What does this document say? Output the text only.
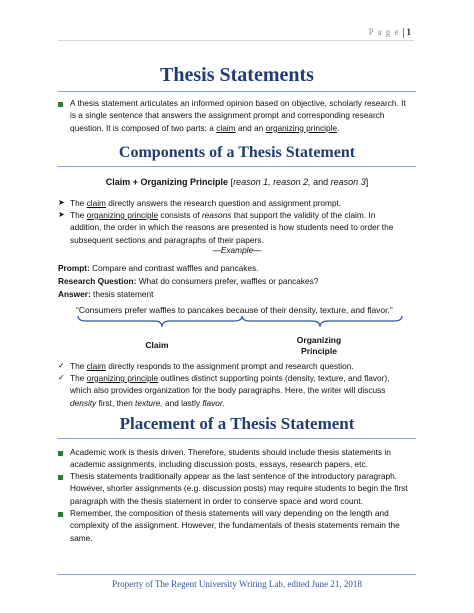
P a g e 1
Thesis Statements
A thesis statement articulates an informed opinion based on objective, scholarly research. It
is a single sentence that answers the assignment prompt and corresponding research
question. It is composed of two parts: a claim and an organizing principle.
Components of a Thesis Statement
Claim + Organizing Principle [reason 1, reason 2, and reason 3]
➤ The claim directly answers the research question and assignment prompt.
➤ The organizing principle consists of reasons that support the validity of the claim. In
addition, the order in which the reasons are presented is how students need to order the
subsequent sections and paragraphs of their papers.
—Example—
Prompt: Compare and contrast waffles and pancakes.
Research Question: What do consumers prefer, waffles or pancakes?
Answer: thesis statement
“Consumers prefer waffles to pancakes because of their density, texture, and flavor.”
Claim	Organizing
Principle
✓ The claim directly responds to the assignment prompt and research question.
✓ The organizing principle outlines distinct supporting points (density, texture, and flavor),
which also provides organization for the body paragraphs. Here, the writer will discuss
density first, then texture, and lastly flavor.
Placement of a Thesis Statement
Academic work is thesis driven. Therefore, students should include thesis statements in
academic assignments, including discussion posts, essays, research papers, etc.
Thesis statements traditionally appear as the last sentence of the introductory paragraph.
However, shorter assignments (e.g. discussion posts) may require students to begin the first
paragraph with the thesis statement in order to conserve space and word count.
Remember, the composition of thesis statements will vary depending on the length and
complexity of the assignment. However, the fundamentals of thesis statements remain the
same.
Property of The Regent University Writing Lab, edited June 21, 2018
